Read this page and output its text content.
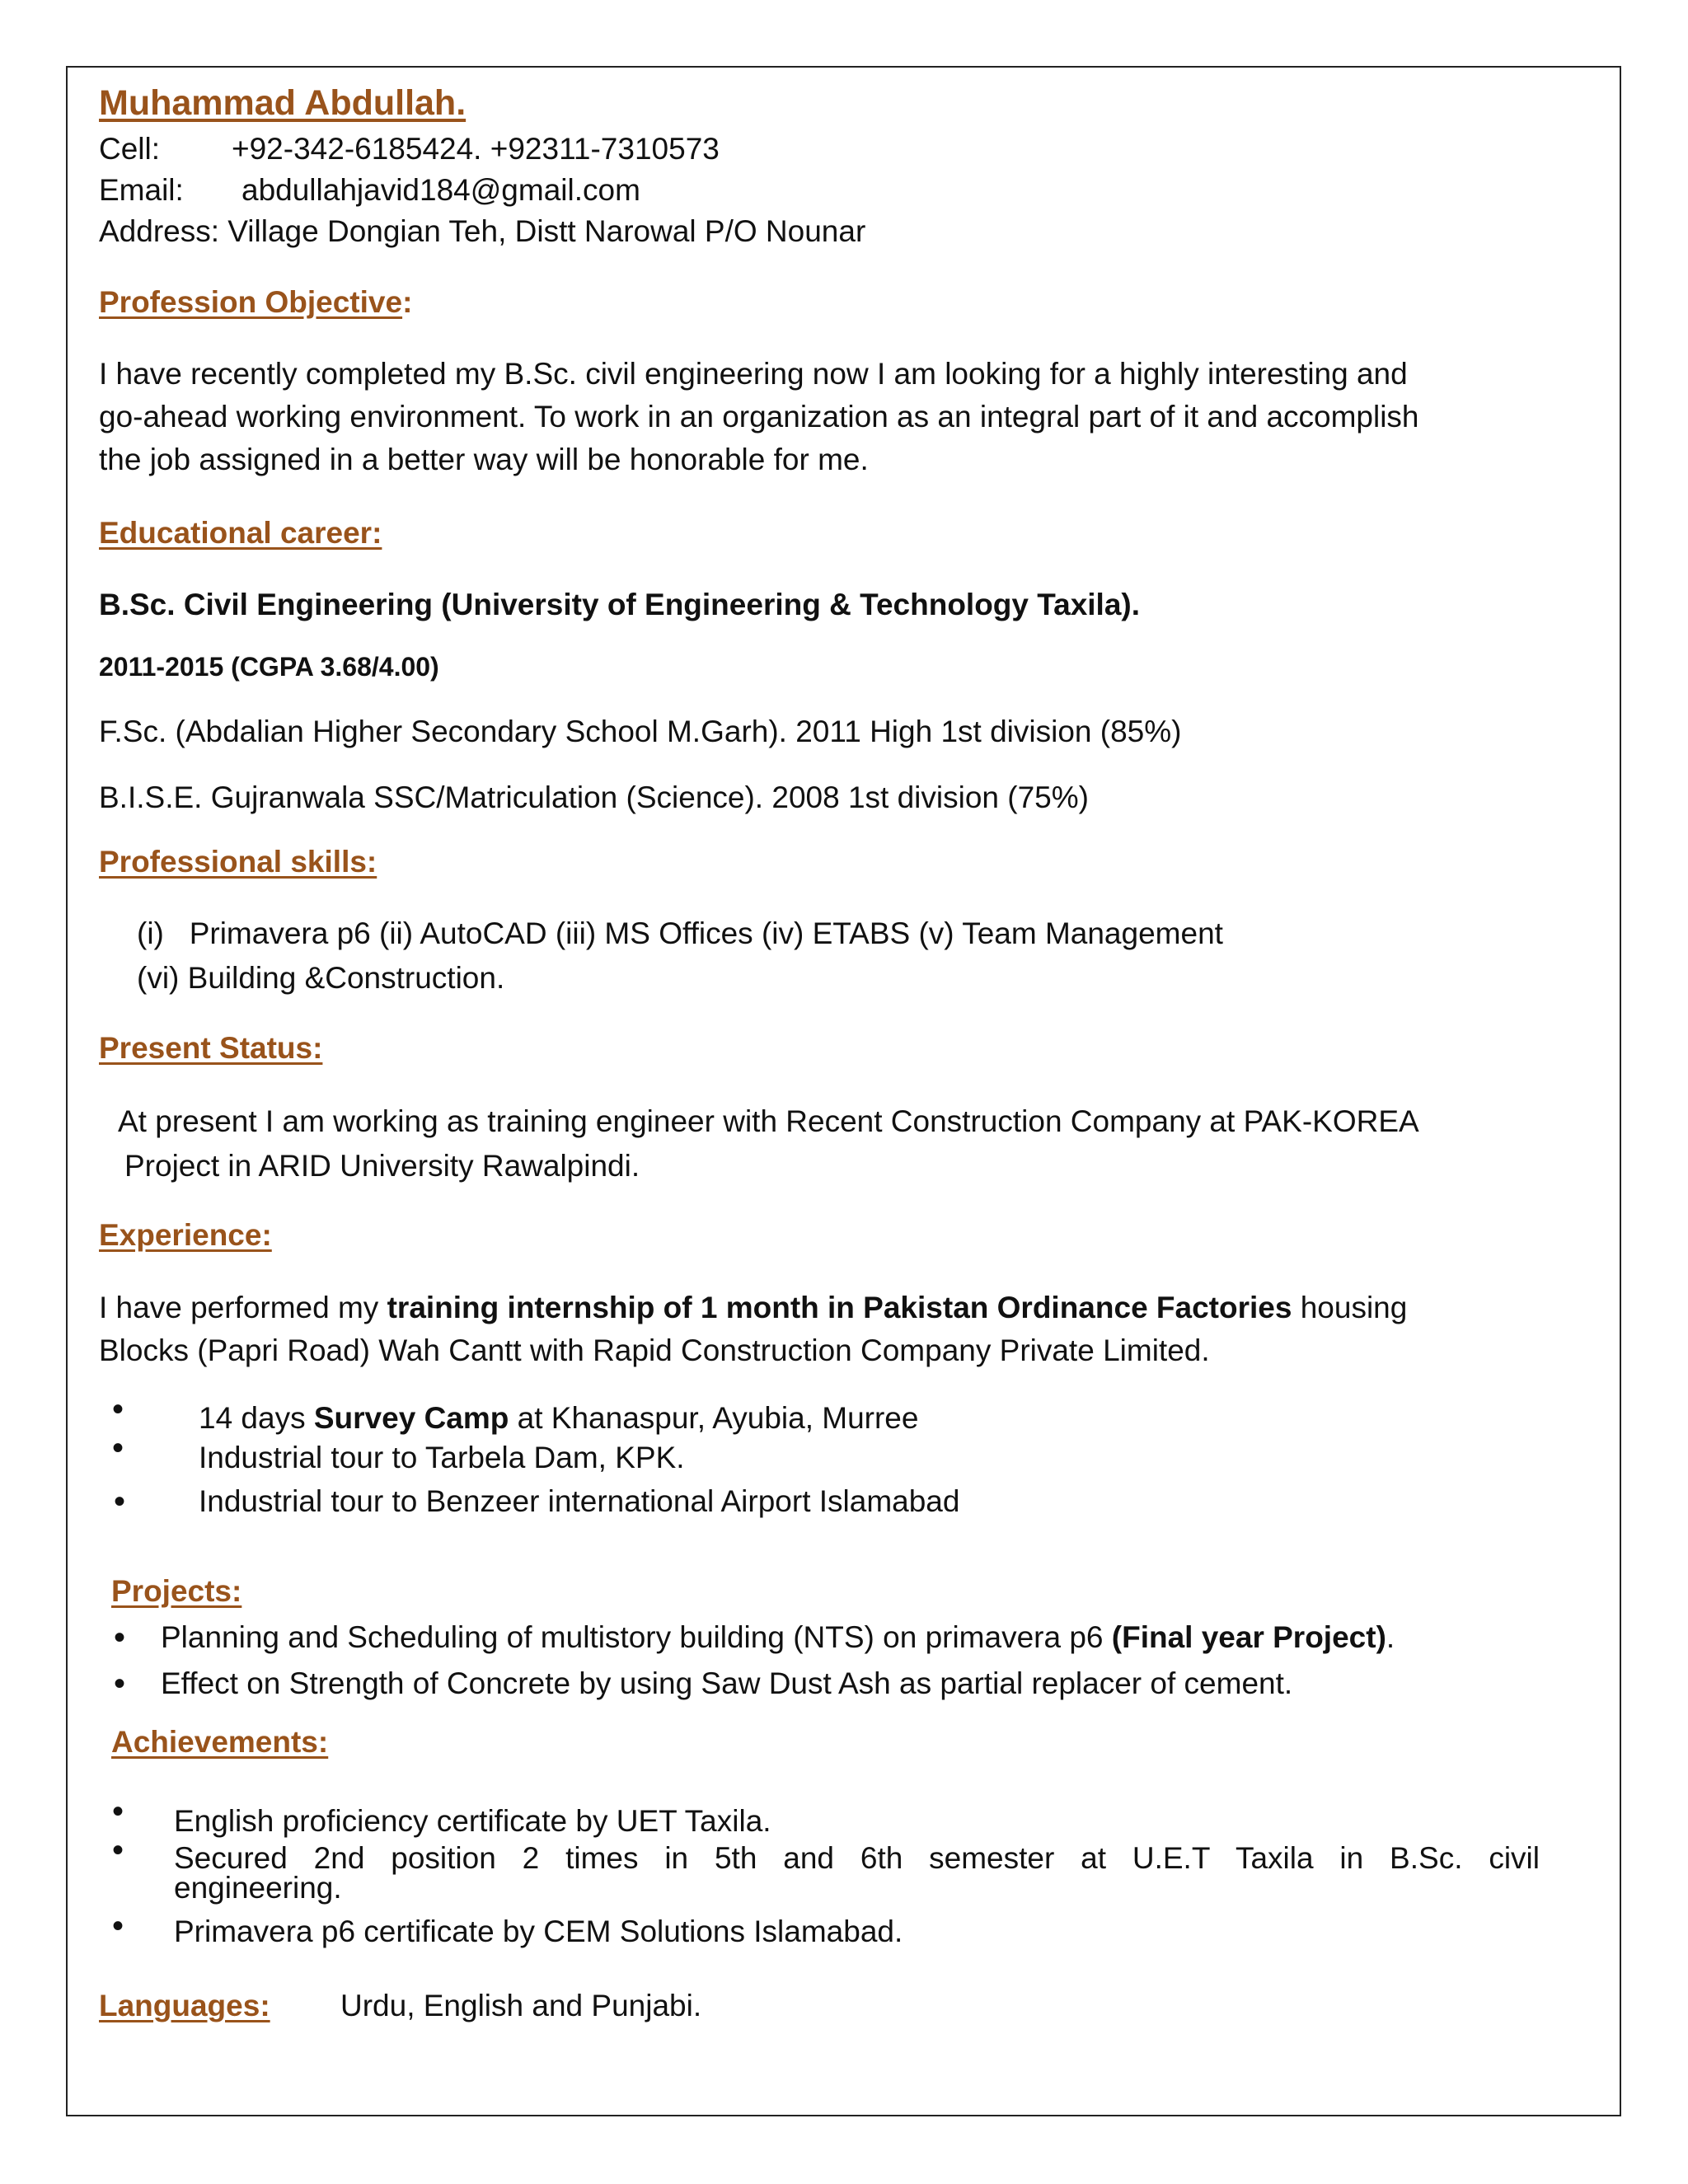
Muhammad Abdullah.
Cell: +92-342-6185424. +92311-7310573
Email: abdullahjavid184@gmail.com
Address: Village Dongian Teh, Distt Narowal P/O Nounar
Profession Objective:
I have recently completed my B.Sc. civil engineering now I am looking for a highly interesting and
go-ahead working environment. To work in an organization as an integral part of it and accomplish
the job assigned in a better way will be honorable for me.
Educational career:
B.Sc. Civil Engineering (University of Engineering & Technology Taxila).
2011-2015 (CGPA 3.68/4.00)
F.Sc. (Abdalian Higher Secondary School M.Garh). 2011 High 1st division (85%)
B.I.S.E. Gujranwala SSC/Matriculation (Science). 2008 1st division (75%)
Professional skills:
(i)   Primavera p6 (ii) AutoCAD (iii) MS Offices (iv) ETABS (v) Team Management
(vi) Building &Construction.
Present Status:
At present I am working as training engineer with Recent Construction Company at PAK-KOREA
Project in ARID University Rawalpindi.
Experience:
I have performed my training internship of 1 month in Pakistan Ordinance Factories housing
Blocks (Papri Road) Wah Cantt with Rapid Construction Company Private Limited.
• 14 days Survey Camp at Khanaspur, Ayubia, Murree
• Industrial tour to Tarbela Dam, KPK.
• Industrial tour to Benzeer international Airport Islamabad
Projects:
• Planning and Scheduling of multistory building (NTS) on primavera p6 (Final year Project).
• Effect on Strength of Concrete by using Saw Dust Ash as partial replacer of cement.
Achievements:
• English proficiency certificate by UET Taxila.
• Secured 2nd position 2 times in 5th and 6th semester at U.E.T Taxila in B.Sc. civil
engineering.
• Primavera p6 certificate by CEM Solutions Islamabad.
Languages: Urdu, English and Punjabi.
